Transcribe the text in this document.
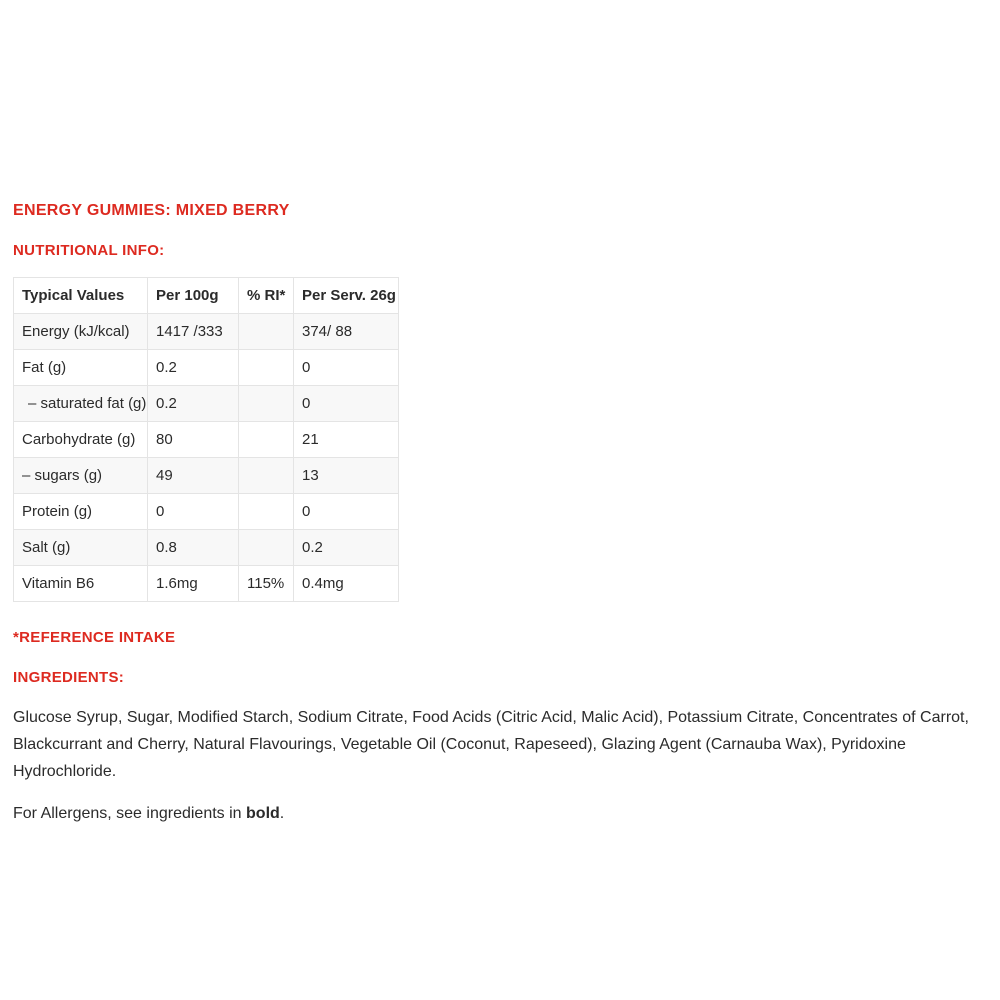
ENERGY GUMMIES: MIXED BERRY
NUTRITIONAL INFO:
Typical Values	Per 100g	% RI*	Per Serv. 26g
Energy (kJ/kcal)	1417 /333		374/ 88
Fat (g)	0.2		0
– saturated fat (g)	0.2		0
Carbohydrate (g)	80		21
– sugars (g)	49		13
Protein (g)	0		0
Salt (g)	0.8		0.2
Vitamin B6	1.6mg	115%	0.4mg
*REFERENCE INTAKE
INGREDIENTS:

Glucose Syrup, Sugar, Modified Starch, Sodium Citrate, Food Acids (Citric Acid, Malic Acid), Potassium Citrate, Concentrates of Carrot, Blackcurrant and Cherry, Natural Flavourings, Vegetable Oil (Coconut, Rapeseed), Glazing Agent (Carnauba Wax), Pyridoxine Hydrochloride.

For Allergens, see ingredients in bold.
